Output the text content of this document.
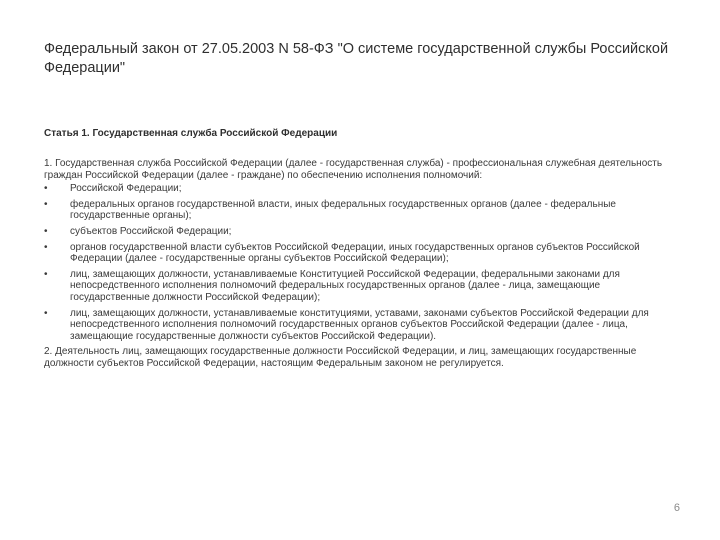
Федеральный закон от 27.05.2003 N 58-ФЗ "О системе государственной службы Российской Федерации"
Статья 1. Государственная служба Российской Федерации

1. Государственная служба Российской Федерации (далее - государственная служба) - профессиональная служебная деятельность граждан Российской Федерации (далее - граждане) по обеспечению исполнения полномочий:

• Российской Федерации;
• федеральных органов государственной власти, иных федеральных государственных органов (далее - федеральные государственные органы);
• субъектов Российской Федерации;
• органов государственной власти субъектов Российской Федерации, иных государственных органов субъектов Российской Федерации (далее - государственные органы субъектов Российской Федерации);
• лиц, замещающих должности, устанавливаемые Конституцией Российской Федерации, федеральными законами для непосредственного исполнения полномочий федеральных государственных органов (далее - лица, замещающие государственные должности Российской Федерации);
• лиц, замещающих должности, устанавливаемые конституциями, уставами, законами субъектов Российской Федерации для непосредственного исполнения полномочий государственных органов субъектов Российской Федерации (далее - лица, замещающие государственные должности субъектов Российской Федерации).

2. Деятельность лиц, замещающих государственные должности Российской Федерации, и лиц, замещающих государственные должности субъектов Российской Федерации, настоящим Федеральным законом не регулируется.

6
